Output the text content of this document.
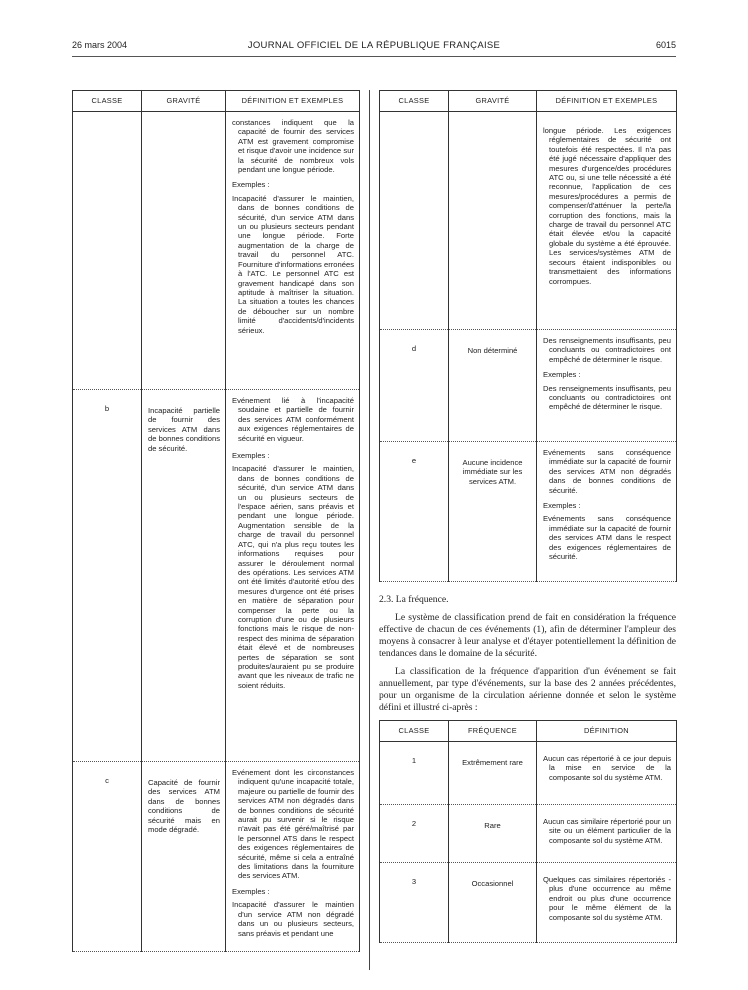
26 mars 2004	JOURNAL OFFICIEL DE LA RÉPUBLIQUE FRANÇAISE	6015
CLASSE	GRAVITÉ	DÉFINITION ET EXEMPLES

		constances indiquent que la capacité de fournir des services ATM est gravement compromise et risque d'avoir une incidence sur la sécurité de nombreux vols pendant une longue période.
Exemples :
Incapacité d'assurer le maintien, dans de bonnes conditions de sécurité, d'un service ATM dans un ou plusieurs secteurs pendant une longue période. Forte augmentation de la charge de travail du personnel ATC. Fourniture d'informations erronées à l'ATC. Le personnel ATC est gravement handicapé dans son aptitude à maîtriser la situation. La situation a toutes les chances de déboucher sur un nombre limité d'accidents/d'incidents sérieux.

b	Incapacité partielle de fournir des services ATM dans de bonnes conditions de sécurité.	Evénement lié à l'incapacité soudaine et partielle de fournir des services ATM conformément aux exigences réglementaires de sécurité en vigueur.
Exemples :
Incapacité d'assurer le maintien, dans de bonnes conditions de sécurité, d'un service ATM dans un ou plusieurs secteurs de l'espace aérien, sans préavis et pendant une longue période. Augmentation sensible de la charge de travail du personnel ATC, qui n'a plus reçu toutes les informations requises pour assurer le déroulement normal des opérations. Les services ATM ont été limités d'autorité et/ou des mesures d'urgence ont été prises en matière de séparation pour compenser la perte ou la corruption d'une ou de plusieurs fonctions mais le risque de non-respect des minima de séparation était élevé et de nombreuses pertes de séparation se sont produites/auraient pu se produire avant que les niveaux de trafic ne soient réduits.

c	Capacité de fournir des services ATM dans de bonnes conditions de sécurité mais en mode dégradé.	Evénement dont les circonstances indiquent qu'une incapacité totale, majeure ou partielle de fournir des services ATM non dégradés dans de bonnes conditions de sécurité aurait pu survenir si le risque n'avait pas été géré/maîtrisé par le personnel ATS dans le respect des exigences réglementaires de sécurité, même si cela a entraîné des limitations dans la fourniture des services ATM.
Exemples :
Incapacité d'assurer le maintien d'un service ATM non dégradé dans un ou plusieurs secteurs, sans préavis et pendant une
CLASSE	GRAVITÉ	DÉFINITION ET EXEMPLES

		longue période. Les exigences réglementaires de sécurité ont toutefois été respectées. Il n'a pas été jugé nécessaire d'appliquer des mesures d'urgence/des procédures ATC ou, si une telle nécessité a été reconnue, l'application de ces mesures/procédures a permis de compenser/d'atténuer la perte/la corruption des fonctions, mais la charge de travail du personnel ATC était élevée et/ou la capacité globale du système a été éprouvée. Les services/systèmes ATM de secours étaient indisponibles ou transmettaient des informations corrompues.

d	Non déterminé	Des renseignements insuffisants, peu concluants ou contradictoires ont empêché de déterminer le risque.
Exemples :
Des renseignements insuffisants, peu concluants ou contradictoires ont empêché de déterminer le risque.

e	Aucune incidence immédiate sur les services ATM.	Evénements sans conséquence immédiate sur la capacité de fournir des services ATM non dégradés dans de bonnes conditions de sécurité.
Exemples :
Evénements sans conséquence immédiate sur la capacité de fournir des services ATM dans le respect des exigences réglementaires de sécurité.

2.3. La fréquence.

Le système de classification prend de fait en considération la fréquence effective de chacun de ces événements (1), afin de déterminer l'ampleur des moyens à consacrer à leur analyse et d'étayer potentiellement la définition de tendances dans le domaine de la sécurité.

La classification de la fréquence d'apparition d'un événement se fait annuellement, par type d'événements, sur la base des 2 années précédentes, pour un organisme de la circulation aérienne donnée et selon le système défini et illustré ci-après :

CLASSE	FRÉQUENCE	DÉFINITION
1	Extrêmement rare	Aucun cas répertorié à ce jour depuis la mise en service de la composante sol du système ATM.

2	Rare	Aucun cas similaire répertorié pour un site ou un élément particulier de la composante sol du système ATM.

3	Occasionnel	Quelques cas similaires répertoriés - plus d'une occurrence au même endroit ou plus d'une occurrence pour le même élément de la composante sol du système ATM.
